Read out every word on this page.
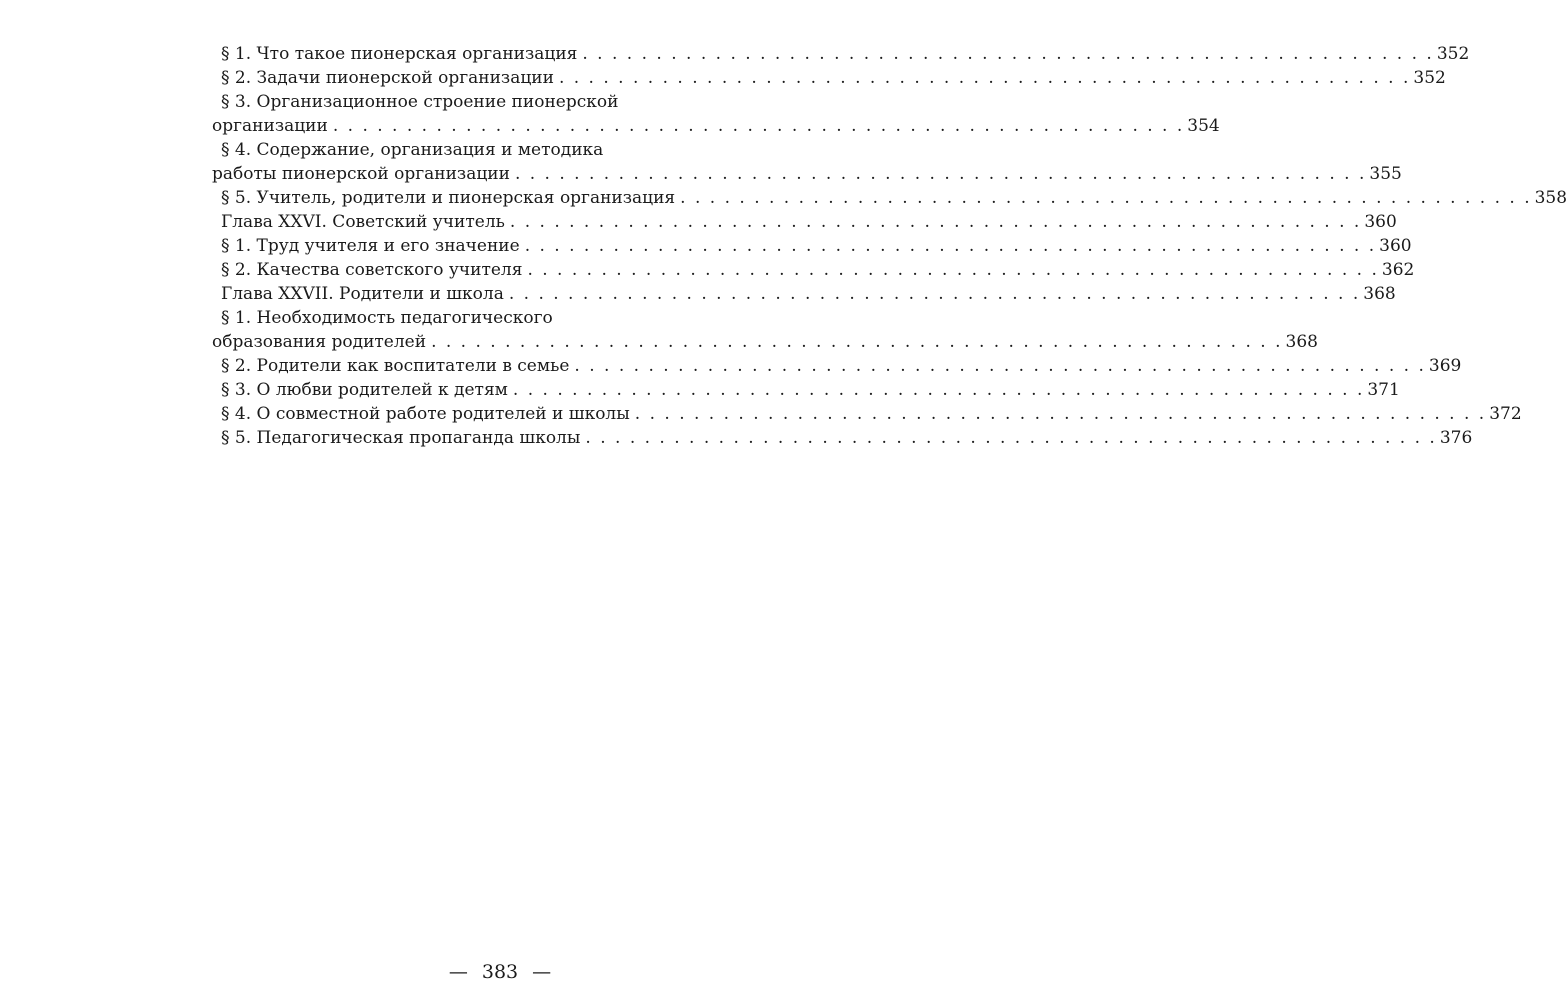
§ 1. Что такое пионерская организация . . . . . . . . . . . . . . . . . . . . . . . . . . . . . . . . . . . . . . . . . . . . . . . . . . . . . . . . . . 352
§ 2. Задачи пионерской организации . . . . . . . . . . . . . . . . . . . . . . . . . . . . . . . . . . . . . . . . . . . . . . . . . . . . . . . . . . 352
§ 3. Организационное строение пионерской
организации . . . . . . . . . . . . . . . . . . . . . . . . . . . . . . . . . . . . . . . . . . . . . . . . . . . . . . . . . . 354
§ 4. Содержание, организация и методика
работы пионерской организации . . . . . . . . . . . . . . . . . . . . . . . . . . . . . . . . . . . . . . . . . . . . . . . . . . . . . . . . . . 355
§ 5. Учитель, родители и пионерская организация . . . . . . . . . . . . . . . . . . . . . . . . . . . . . . . . . . . . . . . . . . . . . . . . . . . . . . . . . . 358
Глава XXVI. Советский учитель . . . . . . . . . . . . . . . . . . . . . . . . . . . . . . . . . . . . . . . . . . . . . . . . . . . . . . . . . . 360
§ 1. Труд учителя и его значение . . . . . . . . . . . . . . . . . . . . . . . . . . . . . . . . . . . . . . . . . . . . . . . . . . . . . . . . . . 360
§ 2. Качества советского учителя . . . . . . . . . . . . . . . . . . . . . . . . . . . . . . . . . . . . . . . . . . . . . . . . . . . . . . . . . . 362
Глава XXVII. Родители и школа . . . . . . . . . . . . . . . . . . . . . . . . . . . . . . . . . . . . . . . . . . . . . . . . . . . . . . . . . . 368
§ 1. Необходимость педагогического
образования родителей . . . . . . . . . . . . . . . . . . . . . . . . . . . . . . . . . . . . . . . . . . . . . . . . . . . . . . . . . . 368
§ 2. Родители как воспитатели в семье . . . . . . . . . . . . . . . . . . . . . . . . . . . . . . . . . . . . . . . . . . . . . . . . . . . . . . . . . . 369
§ 3. О любви родителей к детям . . . . . . . . . . . . . . . . . . . . . . . . . . . . . . . . . . . . . . . . . . . . . . . . . . . . . . . . . . 371
§ 4. О совместной работе родителей и школы . . . . . . . . . . . . . . . . . . . . . . . . . . . . . . . . . . . . . . . . . . . . . . . . . . . . . . . . . . 372
§ 5. Педагогическая пропаганда школы . . . . . . . . . . . . . . . . . . . . . . . . . . . . . . . . . . . . . . . . . . . . . . . . . . . . . . . . . . 376
— 383 —
